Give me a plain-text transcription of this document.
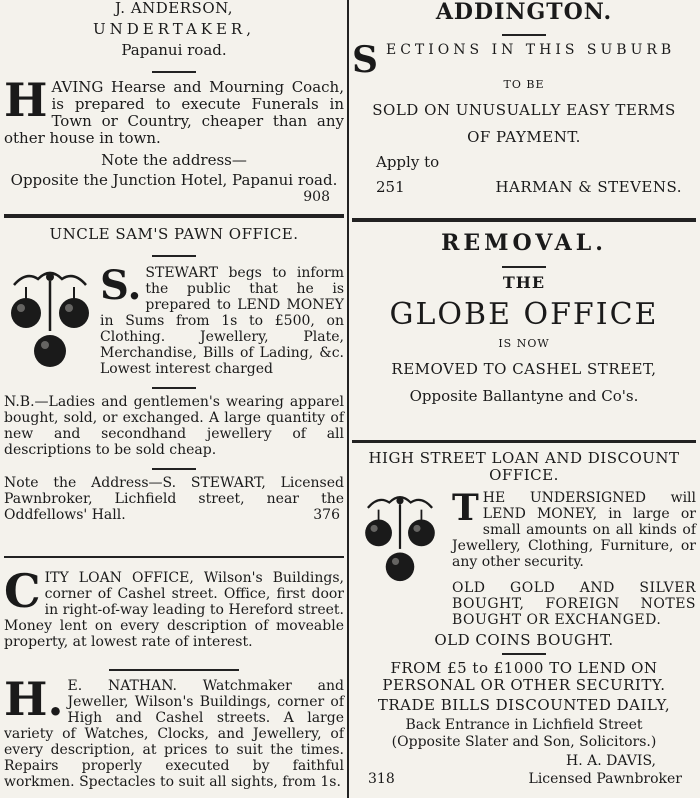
J. ANDERSON,
UNDERTAKER,
Papanui road.
HAVING Hearse and Mourning Coach, is prepared to execute Funerals in Town or Country, cheaper than any other house in town.
Note the address—
Opposite the Junction Hotel, Papanui road.
908
UNCLE SAM'S PAWN OFFICE.
S. STEWART begs to inform the public that he is prepared to LEND MONEY in Sums from 1s to £500, on Clothing. Jewellery, Plate, Merchandise, Bills of Lading, &c. Lowest interest charged
N.B.—Ladies and gentlemen's wearing apparel bought, sold, or exchanged. A large quantity of new and secondhand jewellery of all descriptions to be sold cheap.
Note the Address—S. STEWART, Licensed Pawnbroker, Lichfield street, near the Oddfellows' Hall.	376
CITY LOAN OFFICE, Wilson's Buildings, corner of Cashel street. Office, first door in right-of-way leading to Hereford street. Money lent on every description of moveable property, at lowest rate of interest.
H. E. NATHAN. Watchmaker and Jeweller, Wilson's Buildings, corner of High and Cashel streets. A large variety of Watches, Clocks, and Jewellery, of every description, at prices to suit the times. Repairs properly executed by faithful workmen. Spectacles to suit all sights, from 1s.
ADDINGTON.
SECTIONS IN THIS SUBURB
TO BE
SOLD ON UNUSUALLY EASY TERMS
OF PAYMENT.
Apply to
251	HARMAN & STEVENS.
REMOVAL.
THE
GLOBE OFFICE
IS NOW
REMOVED TO CASHEL STREET,
Opposite Ballantyne and Co's.
HIGH STREET LOAN AND DISCOUNT OFFICE.
THE UNDERSIGNED will LEND MONEY, in large or small amounts on all kinds of Jewellery, Clothing, Furniture, or any other security.
OLD GOLD AND SILVER BOUGHT, FOREIGN NOTES BOUGHT OR EXCHANGED.
OLD COINS BOUGHT.
FROM £5 to £1000 TO LEND ON PERSONAL OR OTHER SECURITY.
TRADE BILLS DISCOUNTED DAILY,
Back Entrance in Lichfield Street
(Opposite Slater and Son, Solicitors.)
H. A. DAVIS,
318	Licensed Pawnbroker
